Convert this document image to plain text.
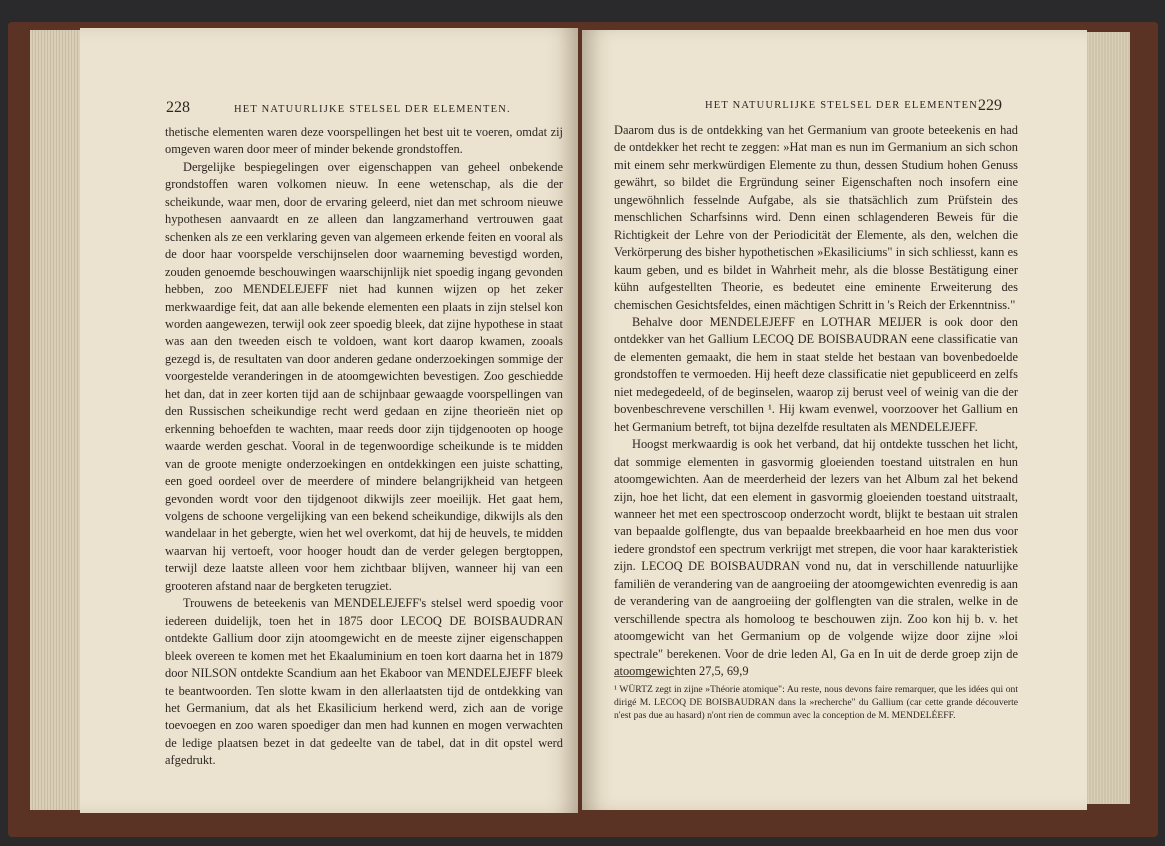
228	HET NATUURLIJKE STELSEL DER ELEMENTEN.

thetische elementen waren deze voorspellingen het best uit te voeren, omdat zij omgeven waren door meer of minder bekende grondstoffen.

Dergelijke bespiegelingen over eigenschappen van geheel onbekende grondstoffen waren volkomen nieuw. In eene wetenschap, als die der scheikunde, waar men, door de ervaring geleerd, niet dan met schroom nieuwe hypothesen aanvaardt en ze alleen dan langzamerhand vertrouwen gaat schenken als ze een verklaring geven van algemeen erkende feiten en vooral als de door haar voorspelde verschijnselen door waarneming bevestigd worden, zouden genoemde beschouwingen waarschijnlijk niet spoedig ingang gevonden hebben, zoo MENDELEJEFF niet had kunnen wijzen op het zeker merkwaardige feit, dat aan alle bekende elementen een plaats in zijn stelsel kon worden aangewezen, terwijl ook zeer spoedig bleek, dat zijne hypothese in staat was aan den tweeden eisch te voldoen, want kort daarop kwamen, zooals gezegd is, de resultaten van door anderen gedane onderzoekingen sommige der voorgestelde veranderingen in de atoomgewichten bevestigen. Zoo geschiedde het dan, dat in zeer korten tijd aan de schijnbaar gewaagde voorspellingen van den Russischen scheikundige recht werd gedaan en zijne theorieën niet op erkenning behoefden te wachten, maar reeds door zijn tijdgenooten op hooge waarde werden geschat. Vooral in de tegenwoordige scheikunde is te midden van de groote menigte onderzoekingen en ontdekkingen een juiste schatting, een goed oordeel over de meerdere of mindere belangrijkheid van hetgeen gevonden wordt voor den tijdgenoot dikwijls zeer moeilijk. Het gaat hem, volgens de schoone vergelijking van een bekend scheikundige, dikwijls als den wandelaar in het gebergte, wien het wel overkomt, dat hij de heuvels, te midden waarvan hij vertoeft, voor hooger houdt dan de verder gelegen bergtoppen, terwijl deze laatste alleen voor hem zichtbaar blijven, wanneer hij van een grooteren afstand naar de bergketen terugziet.

Trouwens de beteekenis van MENDELEJEFF's stelsel werd spoedig voor iedereen duidelijk, toen het in 1875 door LECOQ DE BOISBAUDRAN ontdekte Gallium door zijn atoomgewicht en de meeste zijner eigenschappen bleek overeen te komen met het Ekaaluminium en toen kort daarna het in 1879 door NILSON ontdekte Scandium aan het Ekaboor van MENDELEJEFF bleek te beantwoorden. Ten slotte kwam in den allerlaatsten tijd de ontdekking van het Germanium, dat als het Ekasilicium herkend werd, zich aan de vorige toevoegen en zoo waren spoediger dan men had kunnen en mogen verwachten de ledige plaatsen bezet in dat gedeelte van de tabel, dat in dit opstel werd afgedrukt.

HET NATUURLIJKE STELSEL DER ELEMENTEN.
229

Daarom dus is de ontdekking van het Germanium van groote beteekenis en had de ontdekker het recht te zeggen: »Hat man es nun im Germanium an sich schon mit einem sehr merkwürdigen Elemente zu thun, dessen Studium hohen Genuss gewährt, so bildet die Ergründung seiner Eigenschaften noch insofern eine ungewöhnlich fesselnde Aufgabe, als sie thatsächlich zum Prüfstein des menschlichen Scharfsinns wird. Denn einen schlagenderen Beweis für die Richtigkeit der Lehre von der Periodicität der Elemente, als den, welchen die Verkörperung des bisher hypothetischen »Ekasiliciums" in sich schliesst, kann es kaum geben, und es bildet in Wahrheit mehr, als die blosse Bestätigung einer kühn aufgestellten Theorie, es bedeutet eine eminente Erweiterung des chemischen Gesichtsfeldes, einen mächtigen Schritt in 's Reich der Erkenntniss."

Behalve door MENDELEJEFF en LOTHAR MEIJER is ook door den ontdekker van het Gallium LECOQ DE BOISBAUDRAN eene classificatie van de elementen gemaakt, die hem in staat stelde het bestaan van bovenbedoelde grondstoffen te vermoeden. Hij heeft deze classificatie niet gepubliceerd en zelfs niet medegedeeld, of de beginselen, waarop zij berust veel of weinig van die der bovenbeschrevene verschillen ¹. Hij kwam evenwel, voorzoover het Gallium en het Germanium betreft, tot bijna dezelfde resultaten als MENDELEJEFF.

Hoogst merkwaardig is ook het verband, dat hij ontdekte tusschen het licht, dat sommige elementen in gasvormig gloeienden toestand uitstralen en hun atoomgewichten. Aan de meerderheid der lezers van het Album zal het bekend zijn, hoe het licht, dat een element in gasvormig gloeienden toestand uitstraalt, wanneer het met een spectroscoop onderzocht wordt, blijkt te bestaan uit stralen van bepaalde golflengte, dus van bepaalde breekbaarheid en hoe men dus voor iedere grondstof een spectrum verkrijgt met strepen, die voor haar karakteristiek zijn. LECOQ DE BOISBAUDRAN vond nu, dat in verschillende natuurlijke familiën de verandering van de aangroeiing der atoomgewichten evenredig is aan de verandering van de aangroeiing der golflengten van die stralen, welke in de verschillende spectra als homoloog te beschouwen zijn. Zoo kon hij b. v. het atoomgewicht van het Germanium op de volgende wijze door zijne »loi spectrale" berekenen. Voor de drie leden Al, Ga en In uit de derde groep zijn de atoomgewichten 27,5, 69,9

¹ WÜRTZ zegt in zijne »Théorie atomique": Au reste, nous devons faire remarquer, que les idées qui ont dirigé M. LECOQ DE BOISBAUDRAN dans la »recherche" du Gallium (car cette grande découverte n'est pas due au hasard) n'ont rien de commun avec la conception de M. MENDELÉEFF.
